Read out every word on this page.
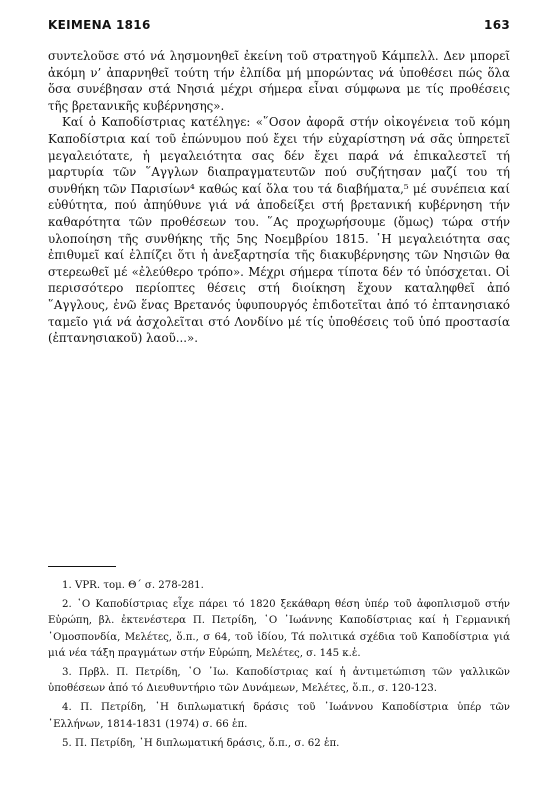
ΚΕΙΜΕΝΑ 1816	163

συντελοῦσε στό νά λησμονηθεῖ ἐκείνη τοῦ στρατηγοῦ Κάμπελλ. Δεν μπορεῖ ἀκόμη ν’ ἀπαρνηθεῖ τούτη τήν ἐλπίδα μή μπορώντας νά ὑποθέσει πώς ὅλα ὅσα συνέβησαν στά Νησιά μέχρι σήμερα εἶναι σύμφωνα με τίς προθέσεις τῆς βρετανικῆς κυβέρνησης».

Καί ὁ Καποδίστριας κατέληγε: «῞Οσον ἀφορᾶ στήν οἰκογένεια τοῦ κόμη Καποδίστρια καί τοῦ ἐπώνυμου πού ἔχει τήν εὐχαρίστηση νά σᾶς ὑπηρετεῖ μεγαλειότατε, ἡ μεγαλειότητα σας δέν ἔχει παρά νά ἐπικαλεστεῖ τή μαρτυρία τῶν ῞Αγγλων διαπραγματευτῶν πού συζήτησαν μαζί του τή συνθήκη τῶν Παρισίων⁴ καθώς καί ὅλα του τά διαβήματα,⁵ μέ συνέπεια καί εὐθύτητα, πού ἀπηύθυνε γιά νά ἀποδείξει στή βρετανική κυβέρνηση τήν καθαρότητα τῶν προθέσεων του. ῞Ας προχωρήσουμε (ὅμως) τώρα στήν υλοποίηση τῆς συνθήκης τῆς 5ης Νοεμβρίου 1815. ῾Η μεγαλειότητα σας ἐπιθυμεῖ καί ἐλπίζει ὅτι ἡ ἀνεξαρτησία τῆς διακυβέρνησης τῶν Νησιῶν θα στερεωθεῖ μέ «ἐλεύθερο τρόπο». Μέχρι σήμερα τίποτα δέν τό ὑπόσχεται. Οἱ περισσότερο περίοπτες θέσεις στή διοίκηση ἔχουν καταληφθεῖ ἀπό ῞Αγγλους, ἐνῶ ἕνας Βρετανός ὑφυπουργός ἐπιδοτεῖται ἀπό τό ἐπτανησιακό ταμεῖο γιά νά ἀσχολεῖται στό Λονδίνο μέ τίς ὑποθέσεις τοῦ ὑπό προστασία (ἐπτανησιακοῦ) λαοῦ...».

1. VPR. τομ. Θ΄ σ. 278-281.

2. ῾Ο Καποδίστριας εἶχε πάρει τό 1820 ξεκάθαρη θέση ὑπέρ τοῦ ἀφοπλισμοῦ στήν Εὐρώπη, βλ. ἐκτενέστερα Π. Πετρίδη, ῾Ο ᾿Ιωάννης Καποδίστριας καί ἡ Γερμανική ῾Ομοσπονδία, Μελέτες, ὅ.π., σ 64, τοῦ ἰδίου, Τά πολιτικά σχέδια τοῦ Καποδίστρια γιά μιά νέα τάξη πραγμάτων στήν Εὐρώπη, Μελέτες, σ. 145 κ.ἑ.

3. Πρβλ. Π. Πετρίδη, ῾Ο ᾿Ιω. Καποδίστριας καί ἡ ἀντιμετώπιση τῶν γαλλικῶν ὑποθέσεων ἀπό τό Διευθυντήριο τῶν Δυνάμεων, Μελέτες, ὅ.π., σ. 120-123.

4. Π. Πετρίδη, ῾Η διπλωματική δράσις τοῦ ᾿Ιωάννου Καποδίστρια ὑπέρ τῶν ῾Ελλήνων, 1814-1831 (1974) σ. 66 ἑπ.

5. Π. Πετρίδη, ῾Η διπλωματική δράσις, ὅ.π., σ. 62 ἑπ.
